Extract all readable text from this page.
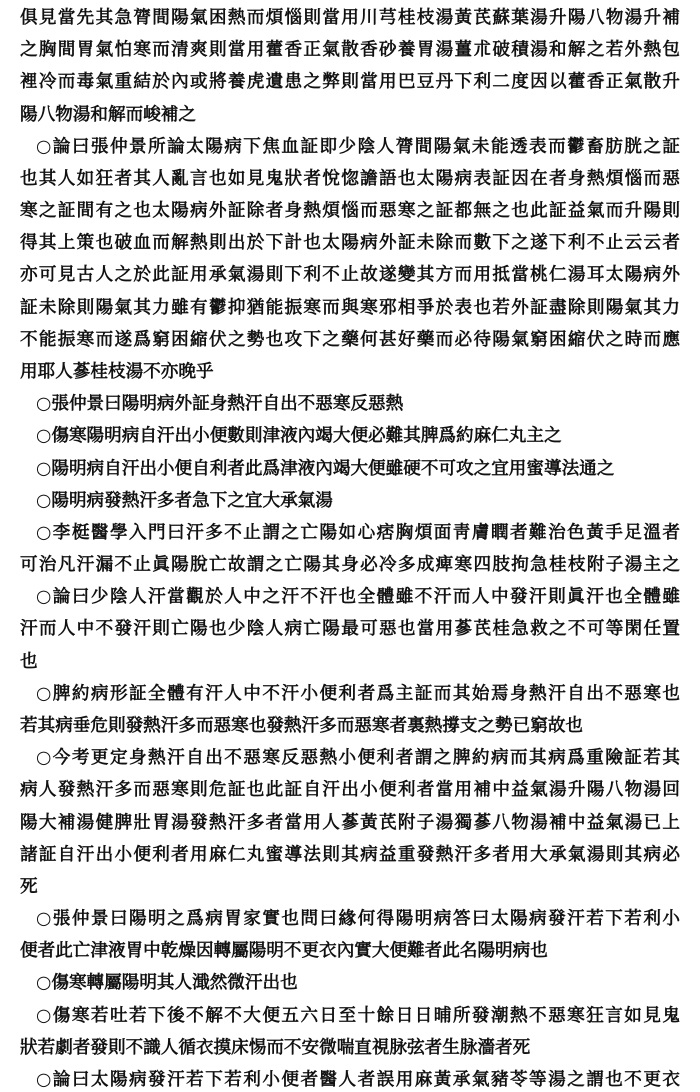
俱見當先其急膂間陽氣困熱而煩惱則當用川芎桂枝湯黃芪蘇葉湯升陽八物湯升補
之胸間胃氣怕寒而清爽則當用藿香正氣散香砂養胃湯薑朮破積湯和解之若外熱包
裡冷而毒氣重結於內或將養虎遺患之弊則當用巴豆丹下利二度因以藿香正氣散升
陽八物湯和解而峻補之
○論曰張仲景所論太陽病下焦血証即少陰人膂間陽氣未能透表而鬱畜肪胱之証
也其人如狂者其人亂言也如見鬼狀者悅惚譫語也太陽病表証因在者身熱煩惱而惡
寒之証間有之也太陽病外証除者身熱煩惱而惡寒之証都無之也此証益氣而升陽則
得其上策也破血而解熱則出於下計也太陽病外証未除而數下之遂下利不止云云者
亦可見古人之於此証用承氣湯則下利不止故遂變其方而用抵當桃仁湯耳太陽病外
証未除則陽氣其力雖有鬱抑猶能振寒而與寒邪相爭於表也若外証盡除則陽氣其力
不能振寒而遂爲窮困縮伏之勢也攻下之藥何甚好藥而必待陽氣窮困縮伏之時而應
用耶人蔘桂枝湯不亦晚乎
○張仲景曰陽明病外証身熱汗自出不惡寒反惡熱
○傷寒陽明病自汗出小便數則津液內竭大便必難其脾爲約麻仁丸主之
○陽明病自汗出小便自利者此爲津液內竭大便雖硬不可攻之宜用蜜導法通之
○陽明病發熱汗多者急下之宜大承氣湯
○李梃醫學入門曰汗多不止謂之亡陽如心痞胸煩面靑膚瞤者難治色黃手足溫者
可治凡汗漏不止眞陽脫亡故謂之亡陽其身必冷多成痺寒四肢拘急桂枝附子湯主之
○論曰少陰人汗當觀於人中之汗不汗也全體雖不汗而人中發汗則眞汗也全體雖
汗而人中不發汗則亡陽也少陰人病亡陽最可惡也當用蔘芪桂急救之不可等閑任置
也
○脾約病形証全體有汗人中不汗小便利者爲主証而其始焉身熱汗自出不惡寒也
若其病垂危則發熱汗多而惡寒也發熱汗多而惡寒者裏熱撐支之勢已窮故也
○今考更定身熱汗自出不惡寒反惡熱小便利者謂之脾約病而其病爲重險証若其
病人發熱汗多而惡寒則危証也此証自汗出小便利者當用補中益氣湯升陽八物湯回
陽大補湯健脾壯胃湯發熱汗多者當用人蔘黃芪附子湯獨蔘八物湯補中益氣湯已上
諸証自汗出小便利者用麻仁丸蜜導法則其病益重發熱汗多者用大承氣湯則其病必
死
○張仲景曰陽明之爲病胃家實也問曰緣何得陽明病答曰太陽病發汗若下若利小
便者此亡津液胃中乾燥因轉屬陽明不更衣內實大便難者此名陽明病也
○傷寒轉屬陽明其人濈然微汗出也
○傷寒若吐若下後不解不大便五六日至十餘日日晡所發潮熱不惡寒狂言如見鬼
狀若劇者發則不識人循衣摸床惕而不安微喘直視脉弦者生脉濇者死
○論曰太陽病發汗若下若利小便者醫人者誤用麻黃承氣豬苓等湯之謂也不更衣
